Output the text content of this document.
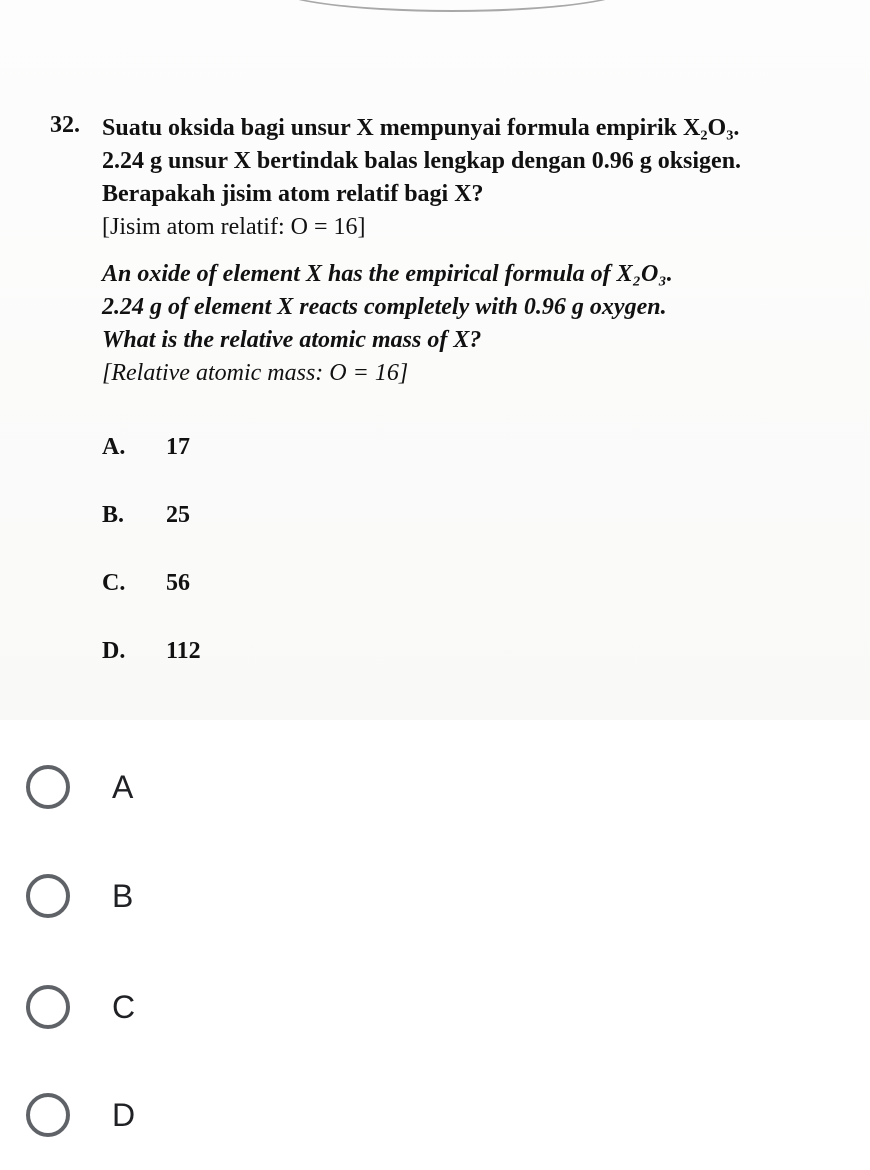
32. Suatu oksida bagi unsur X mempunyai formula empirik X₂O₃.
2.24 g unsur X bertindak balas lengkap dengan 0.96 g oksigen.
Berapakah jisim atom relatif bagi X?
[Jisim atom relatif: O = 16]
An oxide of element X has the empirical formula of X₂O₃.
2.24 g of element X reacts completely with 0.96 g oxygen.
What is the relative atomic mass of X?
[Relative atomic mass: O = 16]
A. 17
B. 25
C. 56
D. 112
A
B
C
D
